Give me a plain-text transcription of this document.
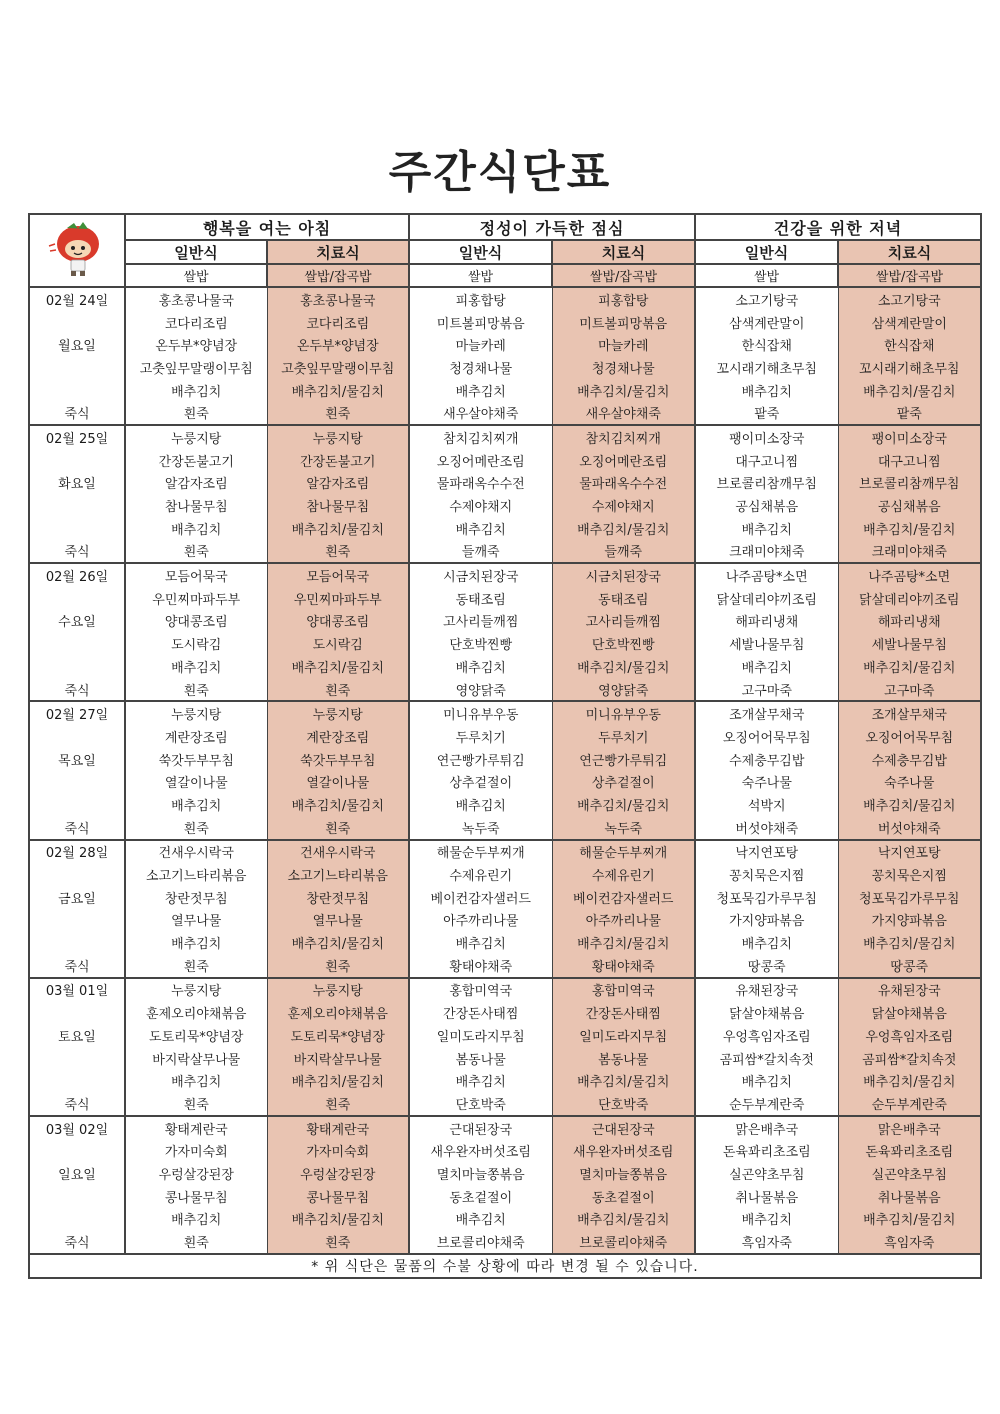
주간식단표
	행복을 여는 아침		정성이 가득한 점심		건강을 위한 저녁	
	일반식	치료식	일반식	치료식	일반식	치료식
	쌀밥	쌀밥/잡곡밥	쌀밥	쌀밥/잡곡밥	쌀밥	쌀밥/잡곡밥
02월 24일	홍초콩나물국	홍초콩나물국	피홍합탕	피홍합탕	소고기탕국	소고기탕국
	코다리조림	코다리조림	미트볼피망볶음	미트볼피망볶음	삼색계란말이	삼색계란말이
월요일	온두부*양념장	온두부*양념장	마늘카레	마늘카레	한식잡채	한식잡채
	고춧잎무말랭이무침	고춧잎무말랭이무침	청경채나물	청경채나물	꼬시래기해초무침	꼬시래기해초무침
	배추김치	배추김치/물김치	배추김치	배추김치/물김치	배추김치	배추김치/물김치
죽식	흰죽	흰죽	새우살야채죽	새우살야채죽	팥죽	팥죽
02월 25일	누룽지탕	누룽지탕	참치김치찌개	참치김치찌개	팽이미소장국	팽이미소장국
	간장돈불고기	간장돈불고기	오징어메란조림	오징어메란조림	대구고니찜	대구고니찜
화요일	알감자조림	알감자조림	물파래옥수수전	물파래옥수수전	브로콜리참깨무침	브로콜리참깨무침
	참나물무침	참나물무침	수제야채지	수제야채지	공심채볶음	공심채볶음
	배추김치	배추김치/물김치	배추김치	배추김치/물김치	배추김치	배추김치/물김치
죽식	흰죽	흰죽	들깨죽	들깨죽	크래미야채죽	크래미야채죽
02월 26일	모듬어묵국	모듬어묵국	시금치된장국	시금치된장국	나주곰탕*소면	나주곰탕*소면
	우민찌마파두부	우민찌마파두부	동태조림	동태조림	닭살데리야끼조림	닭살데리야끼조림
수요일	양대콩조림	양대콩조림	고사리들깨찜	고사리들깨찜	해파리냉채	해파리냉채
	도시락김	도시락김	단호박찐빵	단호박찐빵	세발나물무침	세발나물무침
	배추김치	배추김치/물김치	배추김치	배추김치/물김치	배추김치	배추김치/물김치
죽식	흰죽	흰죽	영양닭죽	영양닭죽	고구마죽	고구마죽
02월 27일	누룽지탕	누룽지탕	미니유부우동	미니유부우동	조개살무채국	조개살무채국
	계란장조림	계란장조림	두루치기	두루치기	오징어어묵무침	오징어어묵무침
목요일	쑥갓두부무침	쑥갓두부무침	연근빵가루튀김	연근빵가루튀김	수제충무김밥	수제충무김밥
	열갈이나물	열갈이나물	상추겉절이	상추겉절이	숙주나물	숙주나물
	배추김치	배추김치/물김치	배추김치	배추김치/물김치	석박지	배추김치/물김치
죽식	흰죽	흰죽	녹두죽	녹두죽	버섯야채죽	버섯야채죽
02월 28일	건새우시락국	건새우시락국	해물순두부찌개	해물순두부찌개	낙지연포탕	낙지연포탕
	소고기느타리볶음	소고기느타리볶음	수제유린기	수제유린기	꽁치묵은지찜	꽁치묵은지찜
금요일	창란젓무침	창란젓무침	베이컨감자샐러드	베이컨감자샐러드	청포묵김가루무침	청포묵김가루무침
	열무나물	열무나물	아주까리나물	아주까리나물	가지양파볶음	가지양파볶음
	배추김치	배추김치/물김치	배추김치	배추김치/물김치	배추김치	배추김치/물김치
죽식	흰죽	흰죽	황태야채죽	황태야채죽	땅콩죽	땅콩죽
03월 01일	누룽지탕	누룽지탕	홍합미역국	홍합미역국	유채된장국	유채된장국
	훈제오리야채볶음	훈제오리야채볶음	간장돈사태찜	간장돈사태찜	닭살야채볶음	닭살야채볶음
토요일	도토리묵*양념장	도토리묵*양념장	일미도라지무침	일미도라지무침	우엉흑임자조림	우엉흑임자조림
	바지락살무나물	바지락살무나물	봄동나물	봄동나물	곰피쌈*갈치속젓	곰피쌈*갈치속젓
	배추김치	배추김치/물김치	배추김치	배추김치/물김치	배추김치	배추김치/물김치
죽식	흰죽	흰죽	단호박죽	단호박죽	순두부계란죽	순두부계란죽
03월 02일	황태계란국	황태계란국	근대된장국	근대된장국	맑은배추국	맑은배추국
	가자미숙회	가자미숙회	새우완자버섯조림	새우완자버섯조림	돈육꽈리초조림	돈육꽈리초조림
일요일	우렁살강된장	우렁살강된장	멸치마늘쫑볶음	멸치마늘쫑볶음	실곤약초무침	실곤약초무침
	콩나물무침	콩나물무침	동초겉절이	동초겉절이	취나물볶음	취나물볶음
	배추김치	배추김치/물김치	배추김치	배추김치/물김치	배추김치	배추김치/물김치
죽식	흰죽	흰죽	브로콜리야채죽	브로콜리야채죽	흑임자죽	흑임자죽
* 위 식단은 물품의 수불 상황에 따라 변경 될 수 있습니다.						
